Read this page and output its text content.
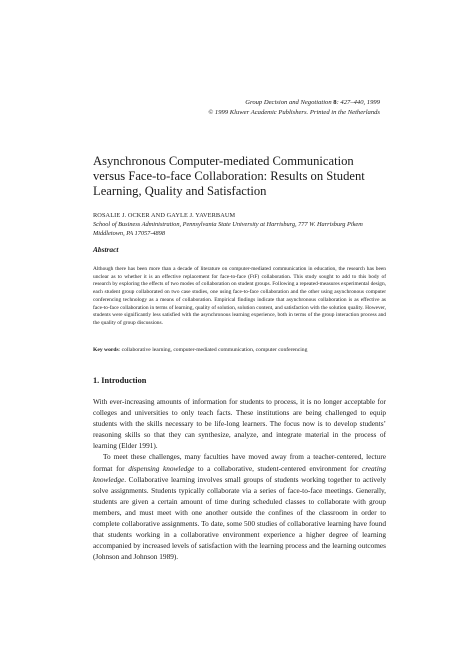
Group Decision and Negotiation 8: 427–440, 1999
© 1999 Kluwer Academic Publishers. Printed in the Netherlands
Asynchronous Computer-mediated Communication versus Face-to-face Collaboration: Results on Student Learning, Quality and Satisfaction
ROSALIE J. OCKER AND GAYLE J. YAVERBAUM
School of Business Administration, Pennsylvania State University at Harrisburg, 777 W. Harrisburg Pikem Middletown, PA 17057-4898
Abstract

Although there has been more than a decade of literature on computer-mediated communication in education, the research has been unclear as to whether it is an effective replacement for face-to-face (FtF) collaboration. This study sought to add to this body of research by exploring the effects of two modes of collaboration on student groups. Following a repeated-measures experimental design, each student group collaborated on two case studies, one using face-to-face collaboration and the other using asynchronous computer conferencing technology as a means of collaboration. Empirical findings indicate that asynchronous collaboration is as effective as face-to-face collaboration in terms of learning, quality of solution, solution content, and satisfaction with the solution quality. However, students were significantly less satisfied with the asynchronous learning experience, both in terms of the group interaction process and the quality of group discussions.

Key words: collaborative learning, computer-mediated communication, computer conferencing

1. Introduction

With ever-increasing amounts of information for students to process, it is no longer acceptable for colleges and universities to only teach facts. These institutions are being challenged to equip students with the skills necessary to be life-long learners. The focus now is to develop students’ reasoning skills so that they can synthesize, analyze, and integrate material in the process of learning (Elder 1991).

To meet these challenges, many faculties have moved away from a teacher-centered, lecture format for dispensing knowledge to a collaborative, student-centered environment for creating knowledge. Collaborative learning involves small groups of students working together to actively solve assignments. Students typically collaborate via a series of face-to-face meetings. Generally, students are given a certain amount of time during scheduled classes to collaborate with group members, and must meet with one another outside the confines of the classroom in order to complete collaborative assignments. To date, some 500 studies of collaborative learning have found that students working in a collaborative environment experience a higher degree of learning accompanied by increased levels of satisfaction with the learning process and the learning outcomes (Johnson and Johnson 1989).
